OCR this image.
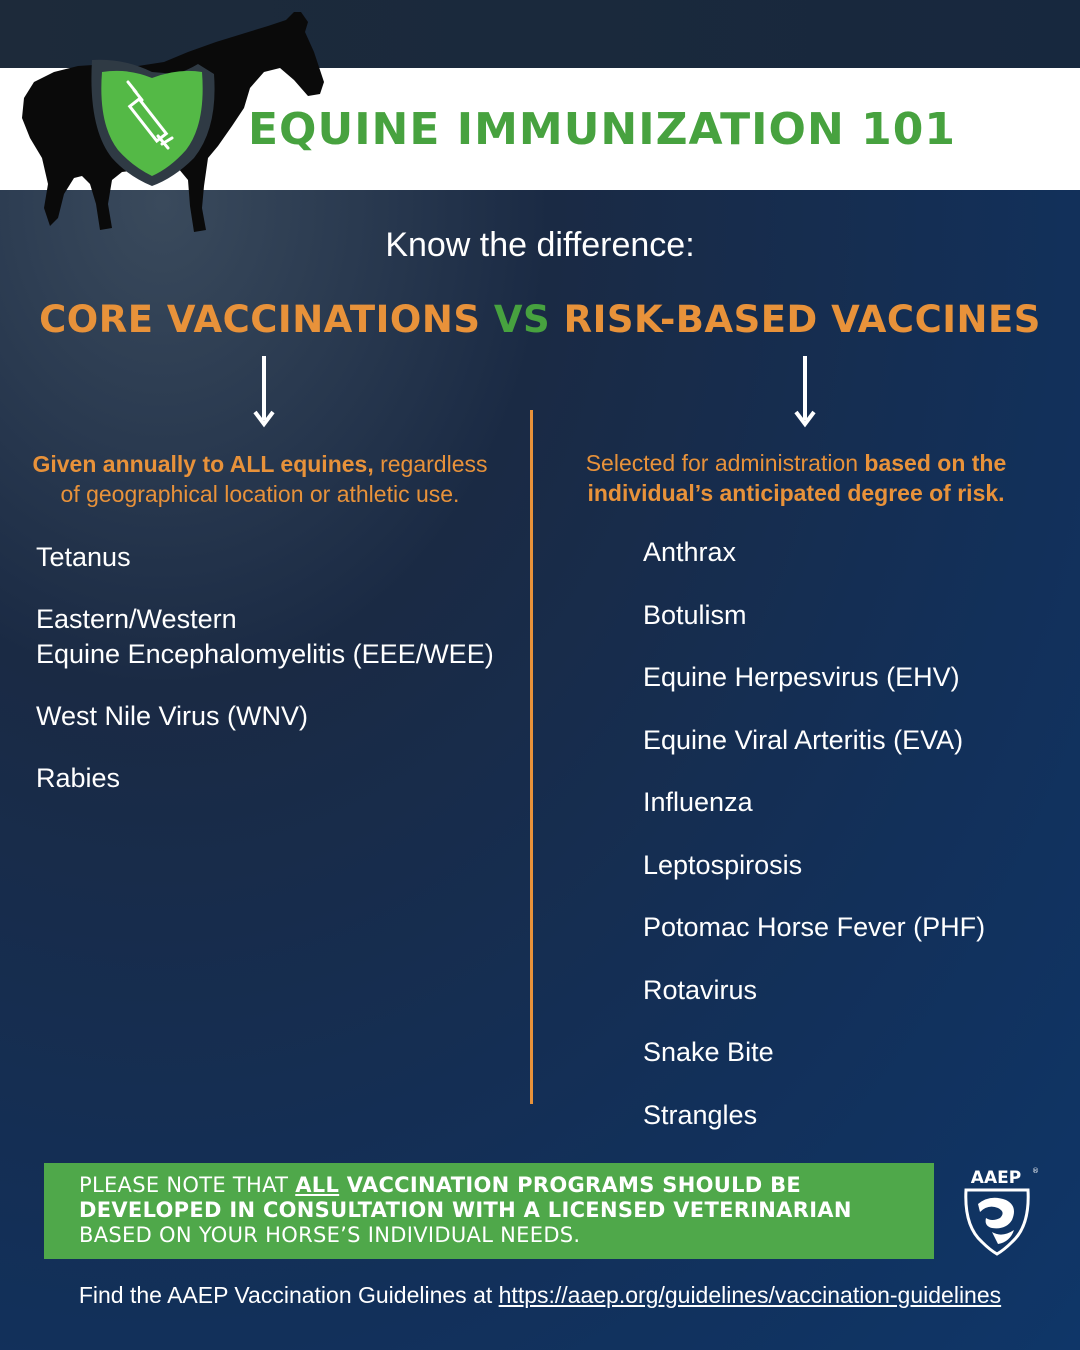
EQUINE IMMUNIZATION 101
Know the difference:
CORE VACCINATIONS VS RISK-BASED VACCINES
Given annually to ALL equines, regardless of geographical location or athletic use.
Selected for administration based on the individual’s anticipated degree of risk.
Tetanus
Eastern/Western
Equine Encephalomyelitis (EEE/WEE)
West Nile Virus (WNV)
Rabies
Anthrax
Botulism
Equine Herpesvirus (EHV)
Equine Viral Arteritis (EVA)
Influenza
Leptospirosis
Potomac Horse Fever (PHF)
Rotavirus
Snake Bite
Strangles
PLEASE NOTE THAT ALL VACCINATION PROGRAMS SHOULD BE DEVELOPED IN CONSULTATION WITH A LICENSED VETERINARIAN BASED ON YOUR HORSE’S INDIVIDUAL NEEDS.
AAEP ®
Find the AAEP Vaccination Guidelines at https://aaep.org/guidelines/vaccination-guidelines
